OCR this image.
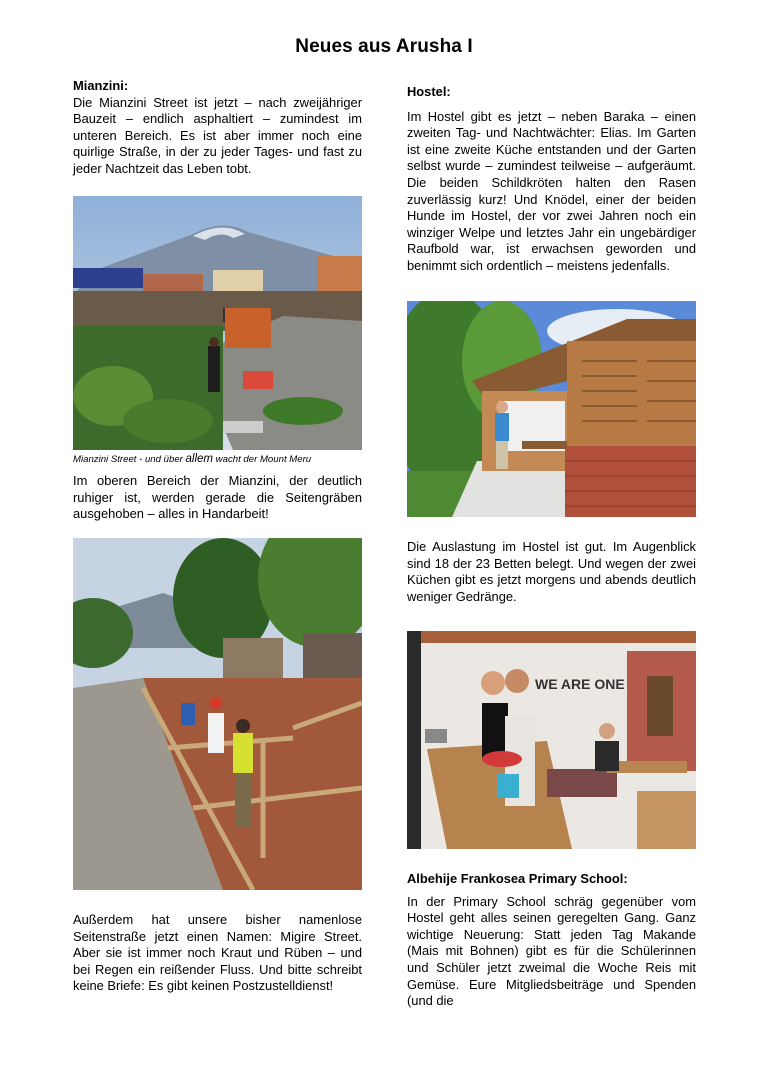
Neues aus Arusha I
Mianzini:

Die Mianzini Street ist jetzt – nach zweijähriger Bauzeit – endlich asphaltiert – zumindest im unteren Bereich. Es ist aber immer noch eine quirlige Straße, in der zu jeder Tages- und fast zu jeder Nachtzeit das Leben tobt.

Mianzini Street - und über allem wacht der Mount Meru

Im oberen Bereich der Mianzini, der deutlich ruhiger ist, werden gerade die Seitengräben ausgehoben – alles in Handarbeit!

Außerdem hat unsere bisher namenlose Seitenstraße jetzt einen Namen: Migire Street. Aber sie ist immer noch Kraut und Rüben – und bei Regen ein reißender Fluss. Und bitte schreibt keine Briefe: Es gibt keinen Postzustelldienst!

Hostel:

Im Hostel gibt es jetzt – neben Baraka – einen zweiten Tag- und Nachtwächter: Elias. Im Garten ist eine zweite Küche entstanden und der Garten selbst wurde – zumindest teilweise – aufgeräumt. Die beiden Schildkröten halten den Rasen zuverlässig kurz! Und Knödel, einer der beiden Hunde im Hostel, der vor zwei Jahren noch ein winziger Welpe und letztes Jahr ein ungebärdiger Raufbold war, ist erwachsen geworden und benimmt sich ordentlich – meistens jedenfalls.

Die Auslastung im Hostel ist gut. Im Augenblick sind 18 der 23 Betten belegt. Und wegen der zwei Küchen gibt es jetzt morgens und abends deutlich weniger Gedränge.

WE ARE ONE
Albehije Frankosea Primary School:

In der Primary School schräg gegenüber vom Hostel geht alles seinen geregelten Gang. Ganz wichtige Neuerung: Statt jeden Tag Makande (Mais mit Bohnen) gibt es für die Schülerinnen und Schüler jetzt zweimal die Woche Reis mit Gemüse. Eure Mitgliedsbeiträge und Spenden (und die
